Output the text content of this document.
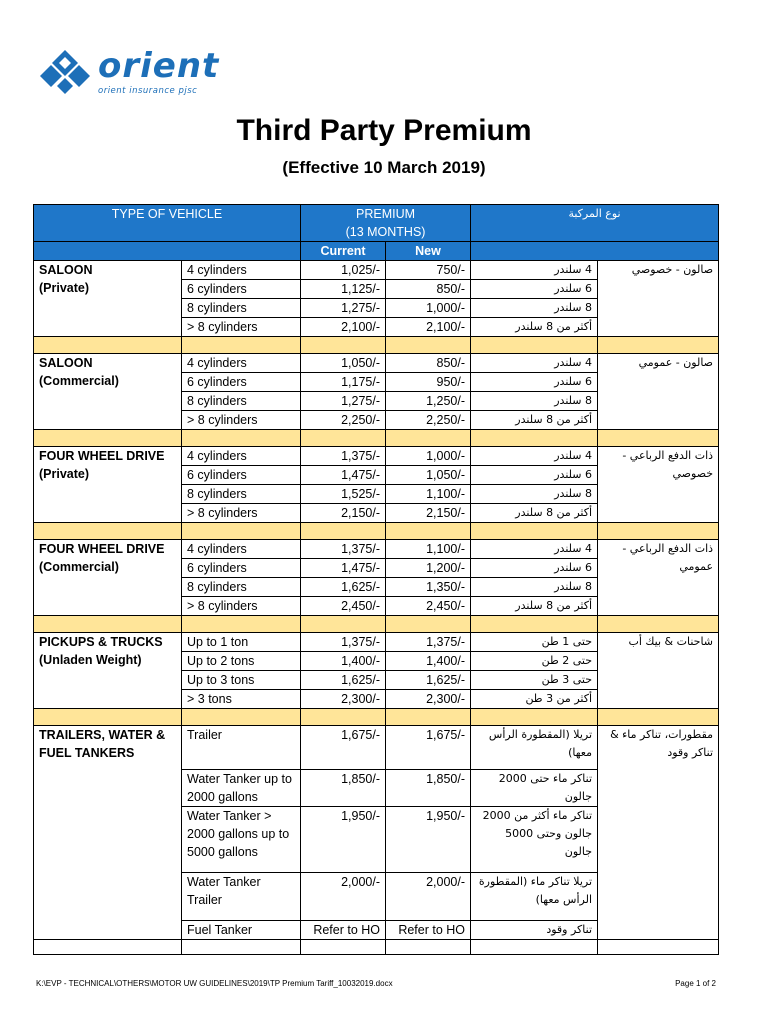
orient
orient insurance pjsc
Third Party Premium
(Effective 10 March 2019)
TYPE OF VEHICLE		PREMIUM
(13 MONTHS)		نوع المركبة	
		Current	New		

SALOON
(Private)	4 cylinders	1,025/-	750/-	4 سلندر	صالون - خصوصي
	6 cylinders	1,125/-	850/-	6 سلندر	
	8 cylinders	1,275/-	1,000/-	8 سلندر	
	> 8 cylinders	2,100/-	2,100/-	أكثر من 8 سلندر	

SALOON
(Commercial)	4 cylinders	1,050/-	850/-	4 سلندر	صالون - عمومي
	6 cylinders	1,175/-	950/-	6 سلندر	
	8 cylinders	1,275/-	1,250/-	8 سلندر	
	> 8 cylinders	2,250/-	2,250/-	أكثر من 8 سلندر	

FOUR WHEEL DRIVE
(Private)	4 cylinders	1,375/-	1,000/-	4 سلندر	ذات الدفع الرباعي - خصوصي
	6 cylinders	1,475/-	1,050/-	6 سلندر	
	8 cylinders	1,525/-	1,100/-	8 سلندر	
	> 8 cylinders	2,150/-	2,150/-	أكثر من 8 سلندر	

FOUR WHEEL DRIVE
(Commercial)	4 cylinders	1,375/-	1,100/-	4 سلندر	ذات الدفع الرباعي - عمومي
	6 cylinders	1,475/-	1,200/-	6 سلندر	
	8 cylinders	1,625/-	1,350/-	8 سلندر	
	> 8 cylinders	2,450/-	2,450/-	أكثر من 8 سلندر	

PICKUPS & TRUCKS
(Unladen Weight)	Up to 1 ton	1,375/-	1,375/-	حتى 1 طن	شاحنات & بيك أب
	Up to 2 tons	1,400/-	1,400/-	حتى 2 طن	
	Up to 3 tons	1,625/-	1,625/-	حتى 3 طن	
	> 3 tons	2,300/-	2,300/-	أكثر من 3 طن	

TRAILERS, WATER &
FUEL TANKERS	Trailer	1,675/-	1,675/-	تريلا (المقطورة الرأس معها)	مقطورات، تناكر ماء & تناكر وقود
	Water Tanker up to 2000 gallons	1,850/-	1,850/-	تناكر ماء حتى 2000 جالون	
	Water Tanker > 2000 gallons up to 5000 gallons	1,950/-	1,950/-	تناكر ماء أكثر من 2000 جالون وحتى 5000 جالون	
	Water Tanker Trailer	2,000/-	2,000/-	تريلا تناكر ماء (المقطورة الرأس معها)	
	Fuel Tanker	Refer to HO	Refer to HO	تناكر وقود	

K:\EVP - TECHNICAL\OTHERS\MOTOR UW GUIDELINES\2019\TP Premium Tariff_10032019.docx	Page 1 of 2
